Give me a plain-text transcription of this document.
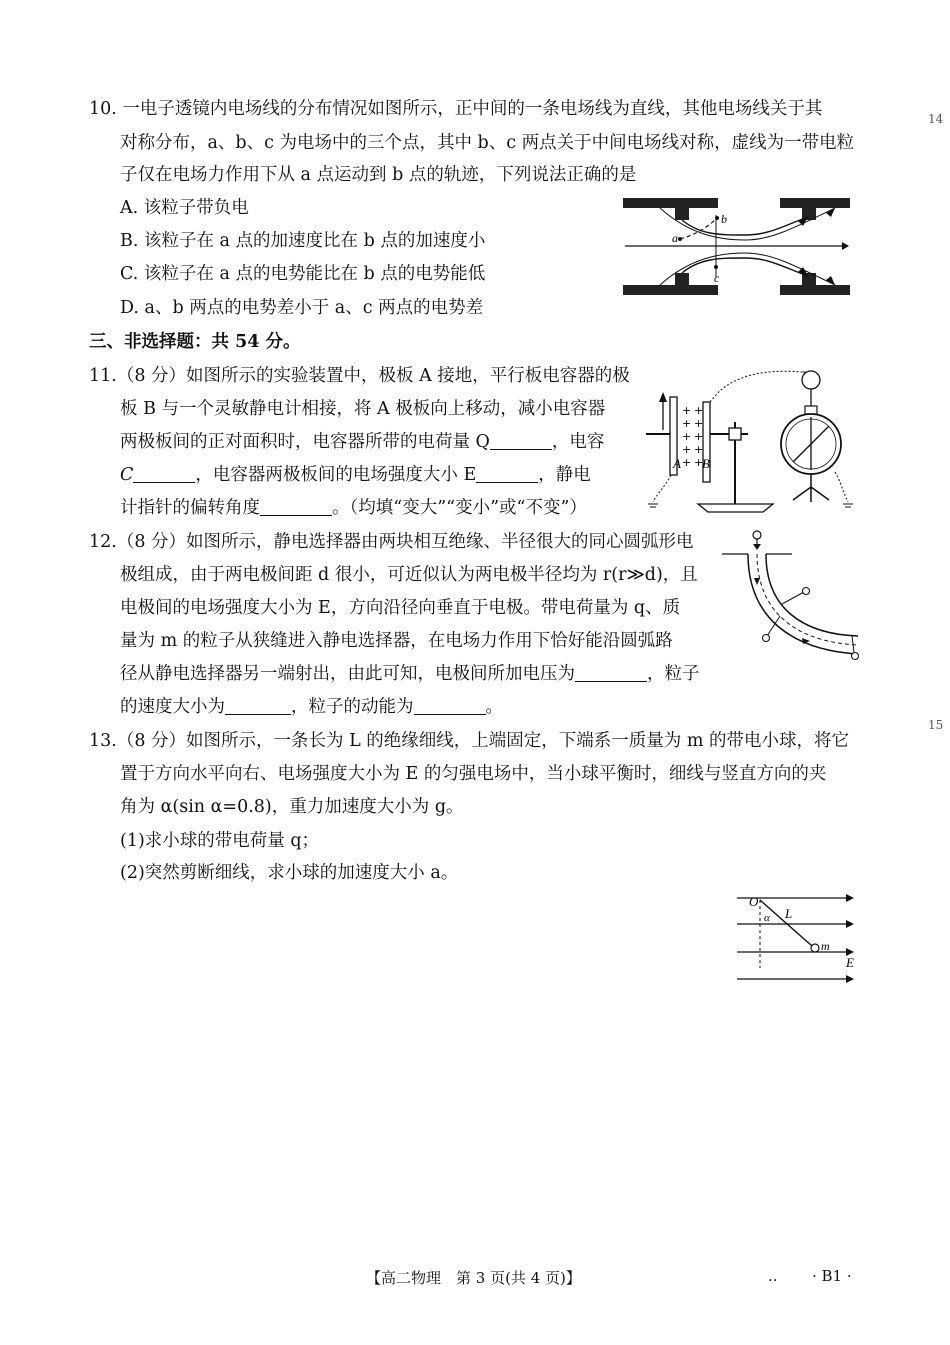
14
15
10. 一电子透镜内电场线的分布情况如图所示，正中间的一条电场线为直线，其他电场线关于其
对称分布，a、b、c 为电场中的三个点，其中 b、c 两点关于中间电场线对称，虚线为一带电粒
子仅在电场力作用下从 a 点运动到 b 点的轨迹，下列说法正确的是
A. 该粒子带负电
B. 该粒子在 a 点的加速度比在 b 点的加速度小
C. 该粒子在 a 点的电势能比在 b 点的电势能低
D. a、b 两点的电势差小于 a、c 两点的电势差
a
b
c
三、非选择题：共 54 分。
11.（8 分）如图所示的实验装置中，极板 A 接地，平行板电容器的极
板 B 与一个灵敏静电计相接，将 A 极板向上移动，减小电容器
两极板间的正对面积时，电容器所带的电荷量 Q	，电容
C	，电容器两极板间的电场强度大小 E	，静电
计指针的偏转角度	。（均填“变大”“变小”或“不变”）
+
+
+
+
+
+
+
+
+
+
A B
12.（8 分）如图所示，静电选择器由两块相互绝缘、半径很大的同心圆弧形电
极组成，由于两电极间距 d 很小，可近似认为两电极半径均为 r(r≫d)，且
电极间的电场强度大小为 E，方向沿径向垂直于电极。带电荷量为 q、质
量为 m 的粒子从狭缝进入静电选择器，在电场力作用下恰好能沿圆弧路
径从静电选择器另一端射出，由此可知，电极间所加电压为	，粒子
的速度大小为	，粒子的动能为	。
13.（8 分）如图所示，一条长为 L 的绝缘细线，上端固定，下端系一质量为 m 的带电小球，将它
置于方向水平向右、电场强度大小为 E 的匀强电场中，当小球平衡时，细线与竖直方向的夹
角为 α(sin α=0.8)，重力加速度大小为 g。
(1)求小球的带电荷量 q；
(2)突然剪断细线，求小球的加速度大小 a。
O
α L
m
E
【高二物理　第 3 页(共 4 页)】	.. · B1 ·
